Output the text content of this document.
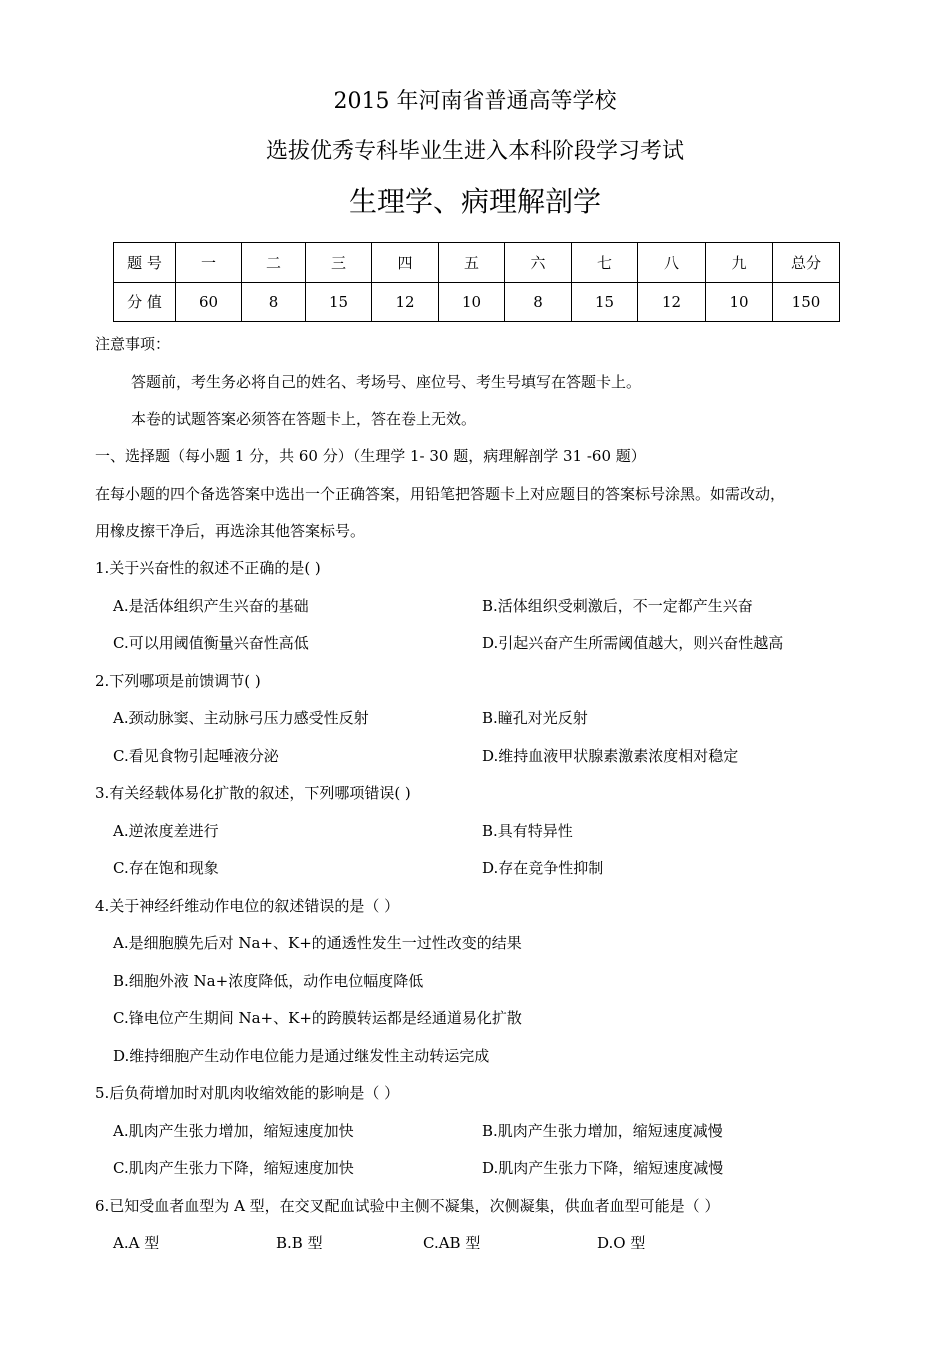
2015 年河南省普通高等学校
选拔优秀专科毕业生进入本科阶段学习考试
生理学、病理解剖学
题 号	一	二	三	四	五	六	七	八	九	总分
分 值	60	8	15	12	10	8	15	12	10	150
注意事项：
答题前，考生务必将自己的姓名、考场号、座位号、考生号填写在答题卡上。
本卷的试题答案必须答在答题卡上，答在卷上无效。
一、选择题（每小题 1 分，共 60 分）（生理学 1- 30 题，病理解剖学 31 -60 题）
在每小题的四个备选答案中选出一个正确答案，用铅笔把答题卡上对应题目的答案标号涂黑。如需改动，
用橡皮擦干净后，再选涂其他答案标号。
1.关于兴奋性的叙述不正确的是( )
A.是活体组织产生兴奋的基础	B.活体组织受刺激后，不一定都产生兴奋
C.可以用阈值衡量兴奋性高低	D.引起兴奋产生所需阈值越大，则兴奋性越高
2.下列哪项是前馈调节( )
A.颈动脉窦、主动脉弓压力感受性反射	B.瞳孔对光反射
C.看见食物引起唾液分泌	D.维持血液甲状腺素激素浓度相对稳定
3.有关经载体易化扩散的叙述，下列哪项错误( )
A.逆浓度差进行	B.具有特异性
C.存在饱和现象	D.存在竞争性抑制
4.关于神经纤维动作电位的叙述错误的是（ ）
A.是细胞膜先后对 Na+、K+的通透性发生一过性改变的结果
B.细胞外液 Na+浓度降低，动作电位幅度降低
C.锋电位产生期间 Na+、K+的跨膜转运都是经通道易化扩散
D.维持细胞产生动作电位能力是通过继发性主动转运完成
5.后负荷增加时对肌肉收缩效能的影响是（ ）
A.肌肉产生张力增加，缩短速度加快	B.肌肉产生张力增加，缩短速度减慢
C.肌肉产生张力下降，缩短速度加快	D.肌肉产生张力下降，缩短速度减慢
6.已知受血者血型为 A 型，在交叉配血试验中主侧不凝集，次侧凝集，供血者血型可能是（ ）
A.A 型	B.B 型	C.AB 型	D.O 型
